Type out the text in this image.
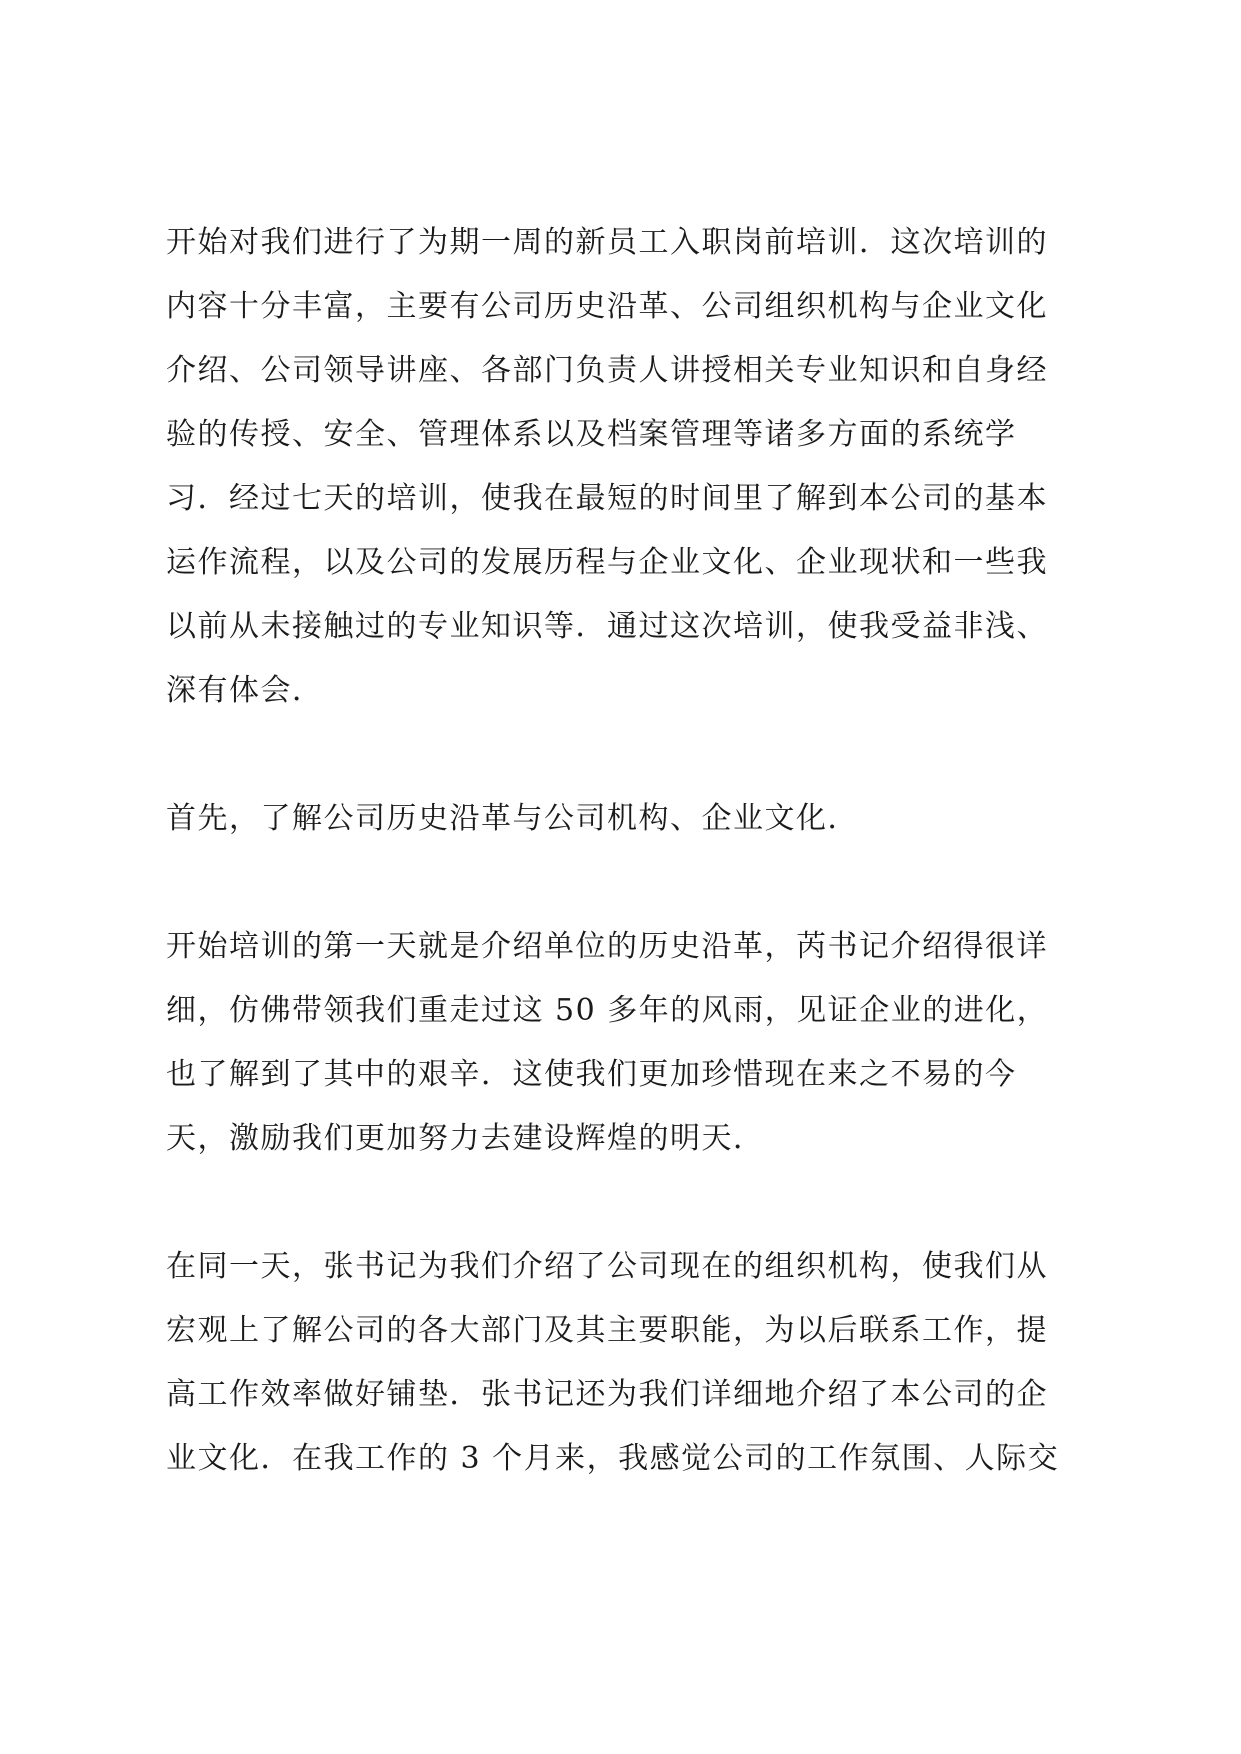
开始对我们进行了为期一周的新员工入职岗前培训．这次培训的
内容十分丰富，主要有公司历史沿革、公司组织机构与企业文化
介绍、公司领导讲座、各部门负责人讲授相关专业知识和自身经
验的传授、安全、管理体系以及档案管理等诸多方面的系统学
习．经过七天的培训，使我在最短的时间里了解到本公司的基本
运作流程，以及公司的发展历程与企业文化、企业现状和一些我
以前从未接触过的专业知识等．通过这次培训，使我受益非浅、
深有体会．
首先，了解公司历史沿革与公司机构、企业文化．
开始培训的第一天就是介绍单位的历史沿革，芮书记介绍得很详
细，仿佛带领我们重走过这 50 多年的风雨，见证企业的进化，
也了解到了其中的艰辛．这使我们更加珍惜现在来之不易的今
天，激励我们更加努力去建设辉煌的明天．
在同一天，张书记为我们介绍了公司现在的组织机构，使我们从
宏观上了解公司的各大部门及其主要职能，为以后联系工作，提
高工作效率做好铺垫．张书记还为我们详细地介绍了本公司的企
业文化．在我工作的 3 个月来，我感觉公司的工作氛围、人际交
